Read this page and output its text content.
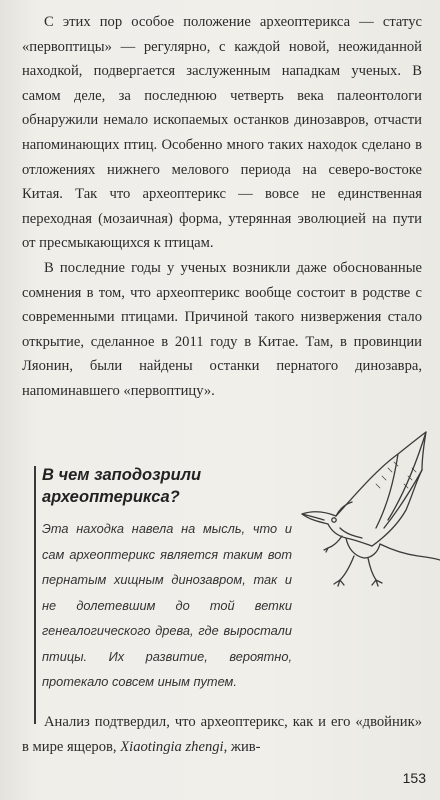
С этих пор особое положение археоптерикса — статус «первоптицы» — регулярно, с каждой новой, неожиданной находкой, подвергается заслуженным нападкам ученых. В самом деле, за последнюю четверть века палеонтологи обнаружили немало ископаемых останков динозавров, отчасти напоминающих птиц. Особенно много таких находок сделано в отложениях нижнего мелового периода на северо-востоке Китая. Так что археоптерикс — вовсе не единственная переходная (мозаичная) форма, утерянная эволюцией на пути от пресмыкающихся к птицам.

В последние годы у ученых возникли даже обоснованные сомнения в том, что археоптерикс вообще состоит в родстве с современными птицами. Причиной такого низвержения стало открытие, сделанное в 2011 году в Китае. Там, в провинции Ляонин, были найдены останки пернатого динозавра, напоминавшего «первоптицу».

В чем заподозрили археоптерикса?
Эта находка навела на мысль, что и сам археоптерикс является таким вот пернатым хищным динозавром, так и не долетевшим до той ветки генеалогического древа, где выростали птицы. Их развитие, вероятно, протекало совсем иным путем.

Анализ подтвердил, что археоптерикс, как и его «двойник» в мире ящеров, Xiaotingia zhengi, жив-

153
